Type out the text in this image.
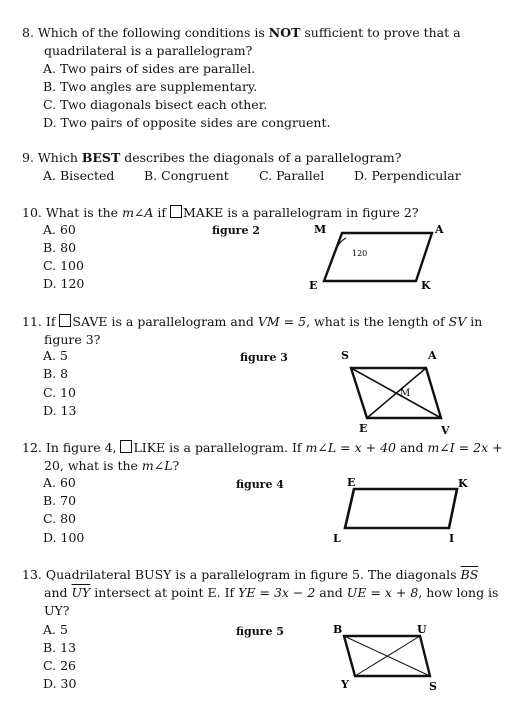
8. Which of the following conditions is NOT sufficient to prove that a
quadrilateral is a parallelogram?
A. Two pairs of sides are parallel.
B. Two angles are supplementary.
C. Two diagonals bisect each other.
D. Two pairs of opposite sides are congruent.
9. Which BEST describes the diagonals of a parallelogram?
A. Bisected B. Congruent C. Parallel D. Perpendicular
10. What is the m∠A if MAKE is a parallelogram in figure 2?
A. 60
B. 80
C. 100
D. 120
figure 2
120
M	A
E	K
11. If SAVE is a parallelogram and VM = 5, what is the length of SV in
figure 3?
A. 5
B. 8
C. 10
D. 13
figure 3	S	A
M
E	V
12. In figure 4, LIKE is a parallelogram. If m∠L = x + 40 and m∠I = 2x +
20, what is the m∠L?
A. 60
B. 70
C. 80
D. 100
figure 4	E	K
L	I
13. Quadrilateral BUSY is a parallelogram in figure 5. The diagonals $\overline{BS}$
and $\overline{UY}$ intersect at point E. If YE = 3x − 2 and UE = x + 8, how long is
UY?
A. 5
B. 13
C. 26
D. 30
figure 5	B	U
Y	S
